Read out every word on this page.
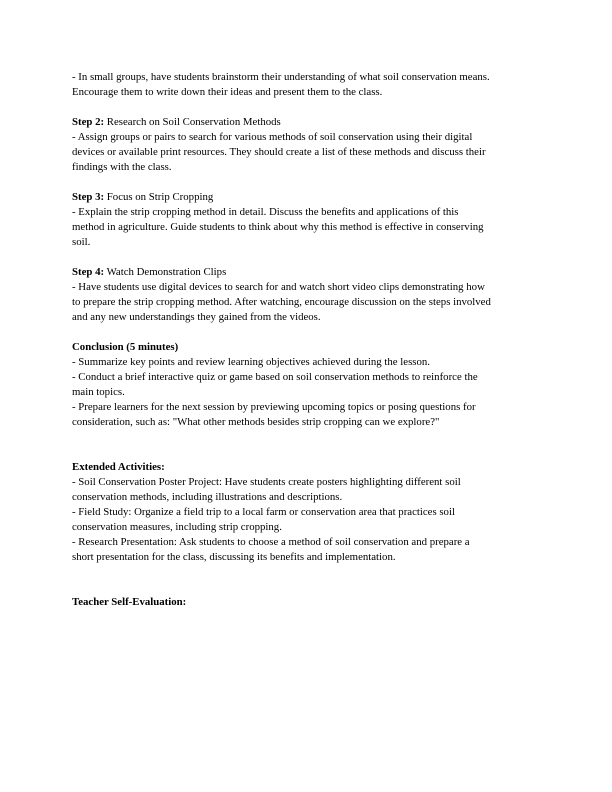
- In small groups, have students brainstorm their understanding of what soil conservation means.
Encourage them to write down their ideas and present them to the class.
Step 2: Research on Soil Conservation Methods
- Assign groups or pairs to search for various methods of soil conservation using their digital
devices or available print resources. They should create a list of these methods and discuss their
findings with the class.
Step 3: Focus on Strip Cropping
- Explain the strip cropping method in detail. Discuss the benefits and applications of this
method in agriculture. Guide students to think about why this method is effective in conserving
soil.
Step 4: Watch Demonstration Clips
- Have students use digital devices to search for and watch short video clips demonstrating how
to prepare the strip cropping method. After watching, encourage discussion on the steps involved
and any new understandings they gained from the videos.
Conclusion (5 minutes)
- Summarize key points and review learning objectives achieved during the lesson.
- Conduct a brief interactive quiz or game based on soil conservation methods to reinforce the
main topics.
- Prepare learners for the next session by previewing upcoming topics or posing questions for
consideration, such as: "What other methods besides strip cropping can we explore?"
Extended Activities:
- Soil Conservation Poster Project: Have students create posters highlighting different soil
conservation methods, including illustrations and descriptions.
- Field Study: Organize a field trip to a local farm or conservation area that practices soil
conservation measures, including strip cropping.
- Research Presentation: Ask students to choose a method of soil conservation and prepare a
short presentation for the class, discussing its benefits and implementation.
Teacher Self-Evaluation:
